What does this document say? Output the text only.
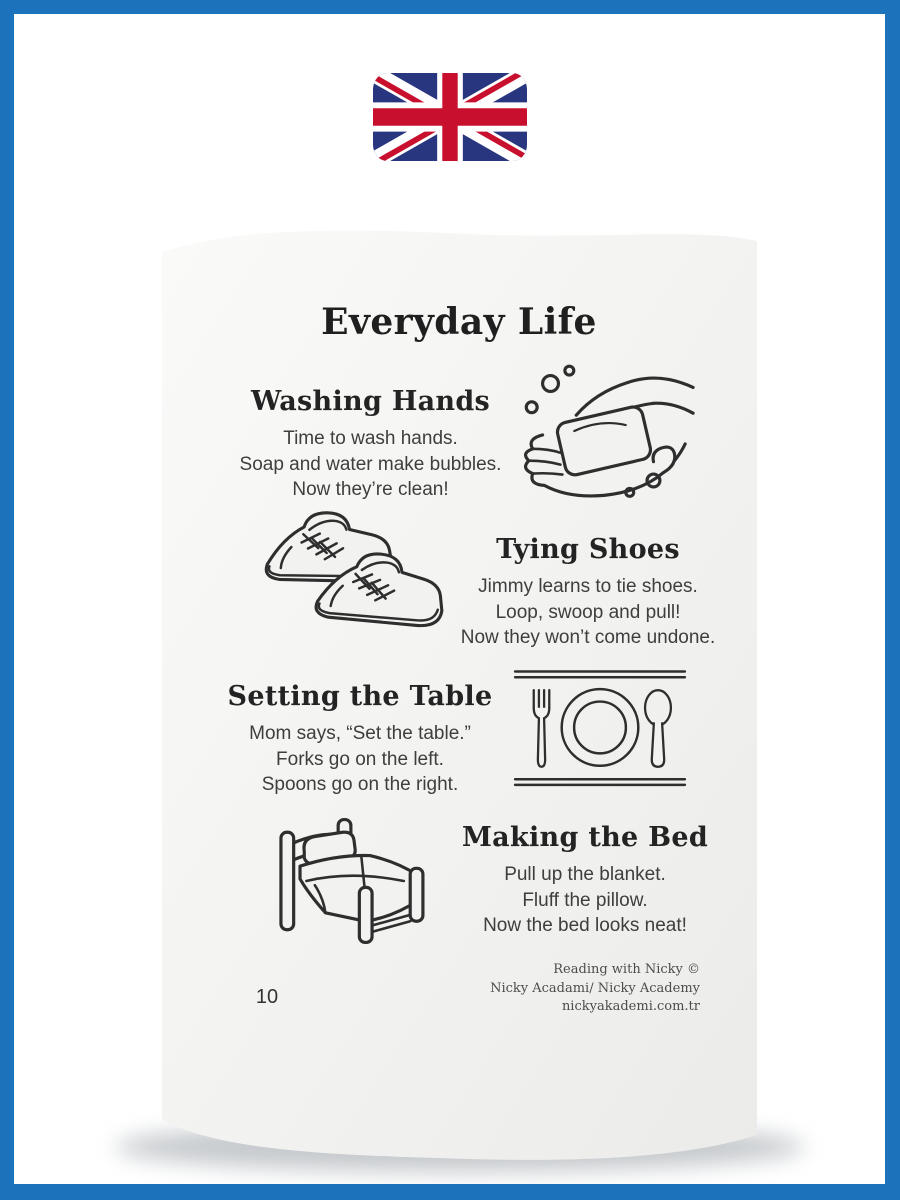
Everyday Life
Washing Hands
Time to wash hands.
Soap and water make bubbles.
Now they’re clean!
Tying Shoes
Jimmy learns to tie shoes.
Loop, swoop and pull!
Now they won’t come undone.
Setting the Table
Mom says, “Set the table.”
Forks go on the left.
Spoons go on the right.
Making the Bed
Pull up the blanket.
Fluff the pillow.
Now the bed looks neat!
10
Reading with Nicky ©
Nicky Acadami/ Nicky Academy
nickyakademi.com.tr
